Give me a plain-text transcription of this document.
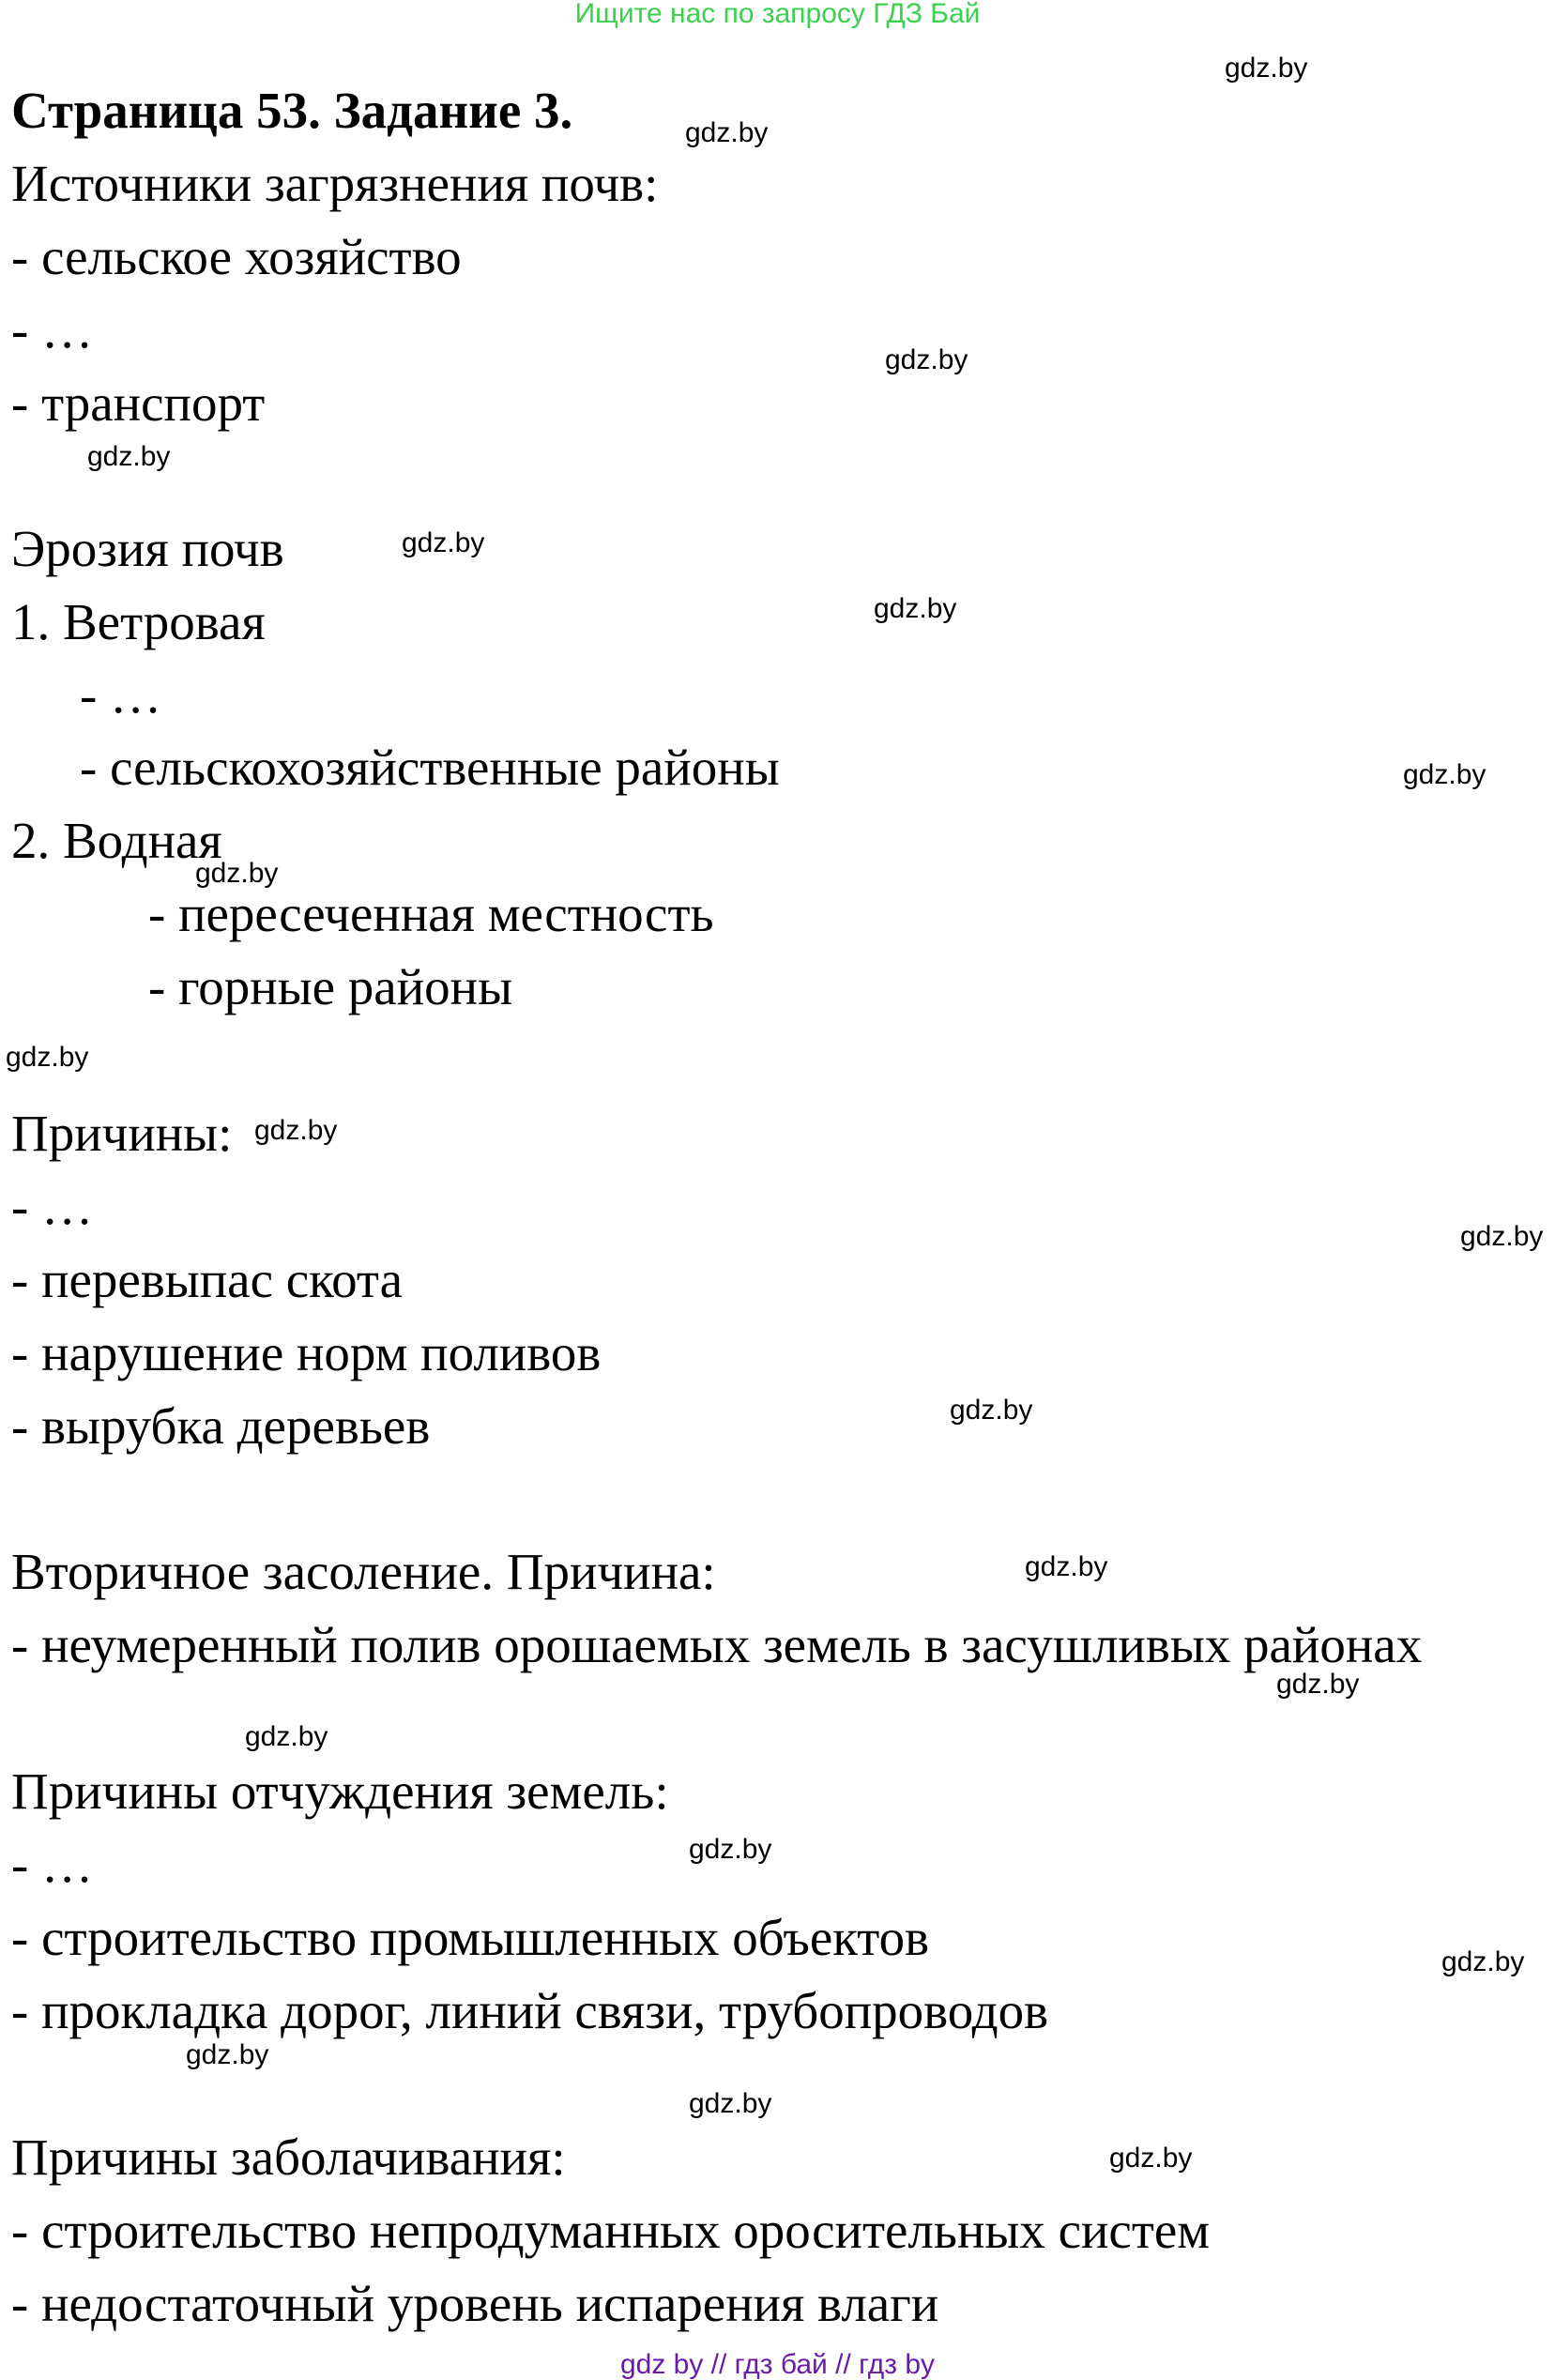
Ищите нас по запросу ГДЗ Бай
Страница 53. Задание 3.
Источники загрязнения почв:
- сельское хозяйство
- …
- транспорт
Эрозия почв
1. Ветровая
- …
- сельскохозяйственные районы
2. Водная
- пересеченная местность
- горные районы
Причины:
- …
- перевыпас скота
- нарушение норм поливов
- вырубка деревьев
Вторичное засоление. Причина:
- неумеренный полив орошаемых земель в засушливых районах
Причины отчуждения земель:
- …
- строительство промышленных объектов
- прокладка дорог, линий связи, трубопроводов
Причины заболачивания:
- строительство непродуманных оросительных систем
- недостаточный уровень испарения влаги
gdz.by
gdz.by
gdz.by
gdz.by
gdz.by
gdz.by
gdz.by
gdz.by
gdz.by
gdz.by
gdz.by
gdz.by
gdz.by
gdz.by
gdz.by
gdz.by
gdz.by
gdz.by
gdz.by
gdz.by
gdz by // гдз бай // гдз by
